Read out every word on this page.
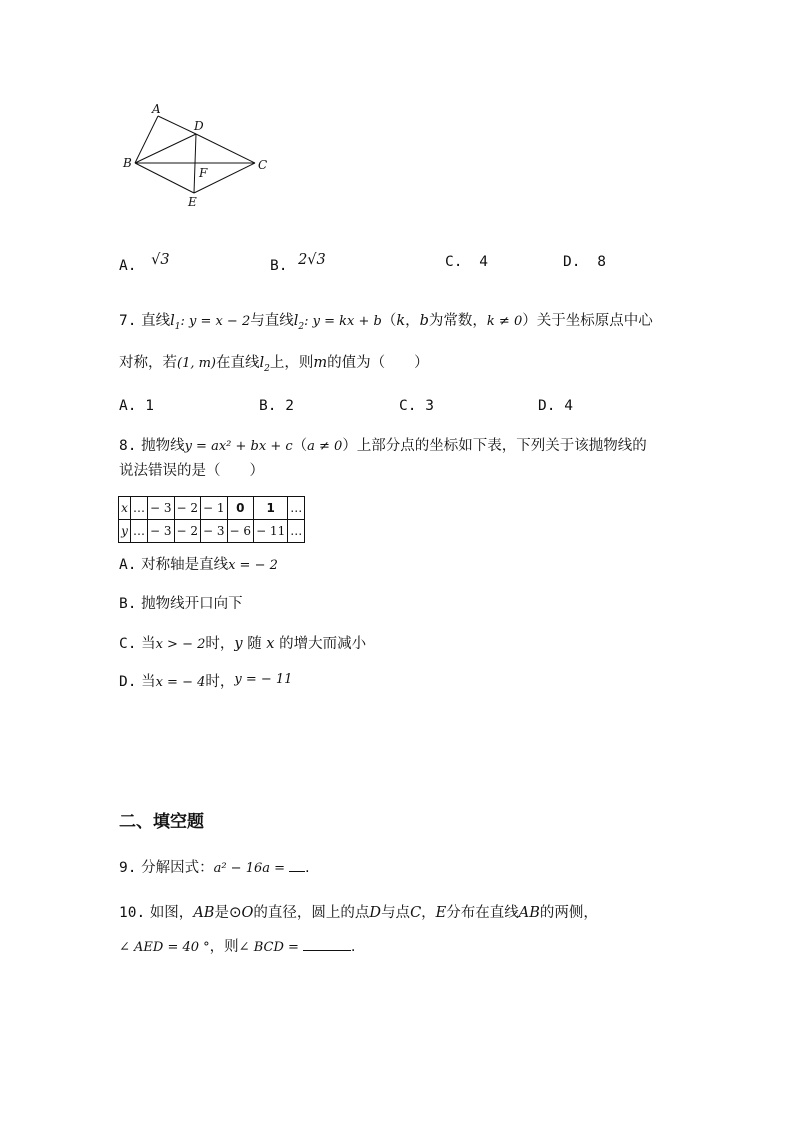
A
D
B	C
F
E
A. √3	B. 2√3	C. 4	D. 8
7. 直线$l_1$: y = x − 2与直线$l_2$: y = kx + b（k，b为常数，k ≠ 0）关于坐标原点中心
对称，若(1, m)在直线$l_2$上，则m的值为（　　）
A. 1	B. 2	C. 3	D. 4
8. 抛物线y = ax² + bx + c（a ≠ 0）上部分点的坐标如下表，下列关于该抛物线的
说法错误的是（　　）
x	…	− 3	− 2	− 1	0	1	…
y	…	− 3	− 2	− 3	− 6	− 11	…
A. 对称轴是直线x = − 2
B. 抛物线开口向下
C. 当x > − 2时，y 随 x 的增大而减小
D. 当x = − 4时，y = − 11
二、填空题
9. 分解因式：a² − 16a = .
10. 如图，AB是⊙O的直径，圆上的点D与点C，E分布在直线AB的两侧，
∠ AED = 40 °，则∠ BCD =	.
